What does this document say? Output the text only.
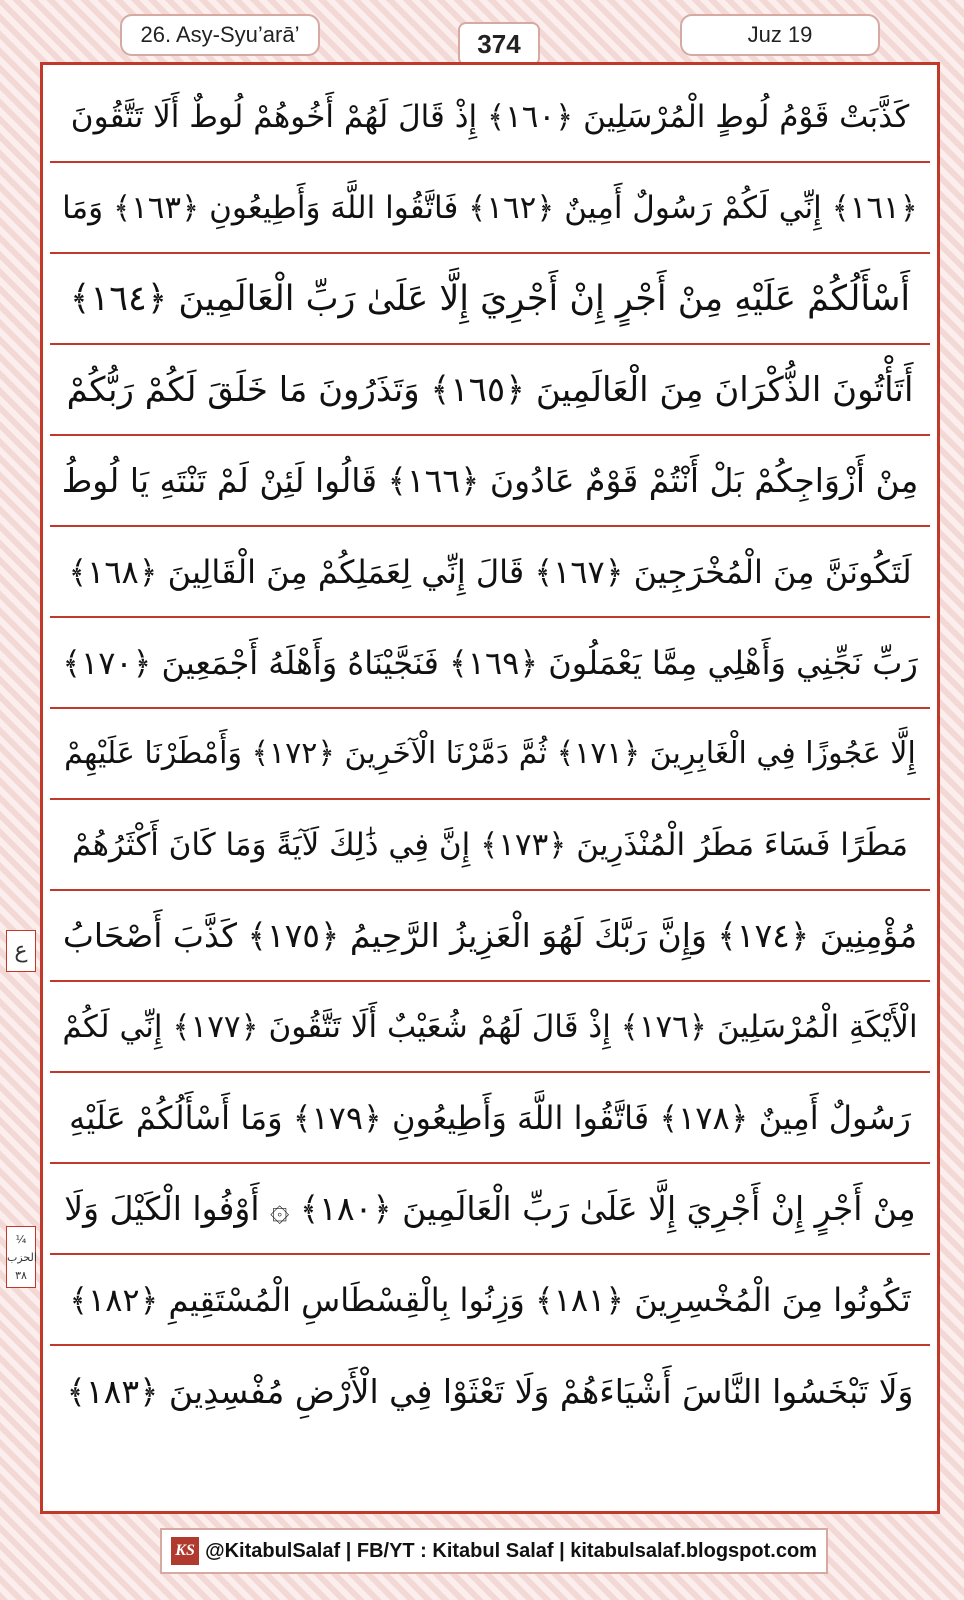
26. Asy-Syu’arā’	374	Juz 19
كَذَّبَتْ قَوْمُ لُوطٍ الْمُرْسَلِينَ ﴿١٦٠﴾ إِذْ قَالَ لَهُمْ أَخُوهُمْ لُوطٌ أَلَا تَتَّقُونَ
﴿١٦١﴾ إِنِّي لَكُمْ رَسُولٌ أَمِينٌ ﴿١٦٢﴾ فَاتَّقُوا اللَّهَ وَأَطِيعُونِ ﴿١٦٣﴾ وَمَا
أَسْأَلُكُمْ عَلَيْهِ مِنْ أَجْرٍ إِنْ أَجْرِيَ إِلَّا عَلَىٰ رَبِّ الْعَالَمِينَ ﴿١٦٤﴾
أَتَأْتُونَ الذُّكْرَانَ مِنَ الْعَالَمِينَ ﴿١٦٥﴾ وَتَذَرُونَ مَا خَلَقَ لَكُمْ رَبُّكُمْ
مِنْ أَزْوَاجِكُمْ بَلْ أَنْتُمْ قَوْمٌ عَادُونَ ﴿١٦٦﴾ قَالُوا لَئِنْ لَمْ تَنْتَهِ يَا لُوطُ
لَتَكُونَنَّ مِنَ الْمُخْرَجِينَ ﴿١٦٧﴾ قَالَ إِنِّي لِعَمَلِكُمْ مِنَ الْقَالِينَ ﴿١٦٨﴾
رَبِّ نَجِّنِي وَأَهْلِي مِمَّا يَعْمَلُونَ ﴿١٦٩﴾ فَنَجَّيْنَاهُ وَأَهْلَهُ أَجْمَعِينَ ﴿١٧٠﴾
إِلَّا عَجُوزًا فِي الْغَابِرِينَ ﴿١٧١﴾ ثُمَّ دَمَّرْنَا الْآخَرِينَ ﴿١٧٢﴾ وَأَمْطَرْنَا عَلَيْهِمْ
مَطَرًا فَسَاءَ مَطَرُ الْمُنْذَرِينَ ﴿١٧٣﴾ إِنَّ فِي ذَٰلِكَ لَآيَةً وَمَا كَانَ أَكْثَرُهُمْ
مُؤْمِنِينَ ﴿١٧٤﴾ وَإِنَّ رَبَّكَ لَهُوَ الْعَزِيزُ الرَّحِيمُ ﴿١٧٥﴾ كَذَّبَ أَصْحَابُ
الْأَيْكَةِ الْمُرْسَلِينَ ﴿١٧٦﴾ إِذْ قَالَ لَهُمْ شُعَيْبٌ أَلَا تَتَّقُونَ ﴿١٧٧﴾ إِنِّي لَكُمْ
رَسُولٌ أَمِينٌ ﴿١٧٨﴾ فَاتَّقُوا اللَّهَ وَأَطِيعُونِ ﴿١٧٩﴾ وَمَا أَسْأَلُكُمْ عَلَيْهِ
مِنْ أَجْرٍ إِنْ أَجْرِيَ إِلَّا عَلَىٰ رَبِّ الْعَالَمِينَ ﴿١٨٠﴾ ۞ أَوْفُوا الْكَيْلَ وَلَا
تَكُونُوا مِنَ الْمُخْسِرِينَ ﴿١٨١﴾ وَزِنُوا بِالْقِسْطَاسِ الْمُسْتَقِيمِ ﴿١٨٢﴾
وَلَا تَبْخَسُوا النَّاسَ أَشْيَاءَهُمْ وَلَا تَعْثَوْا فِي الْأَرْضِ مُفْسِدِينَ ﴿١٨٣﴾
ع
¼ الحزب ٣٨
KS @KitabulSalaf | FB/YT : Kitabul Salaf | kitabulsalaf.blogspot.com
